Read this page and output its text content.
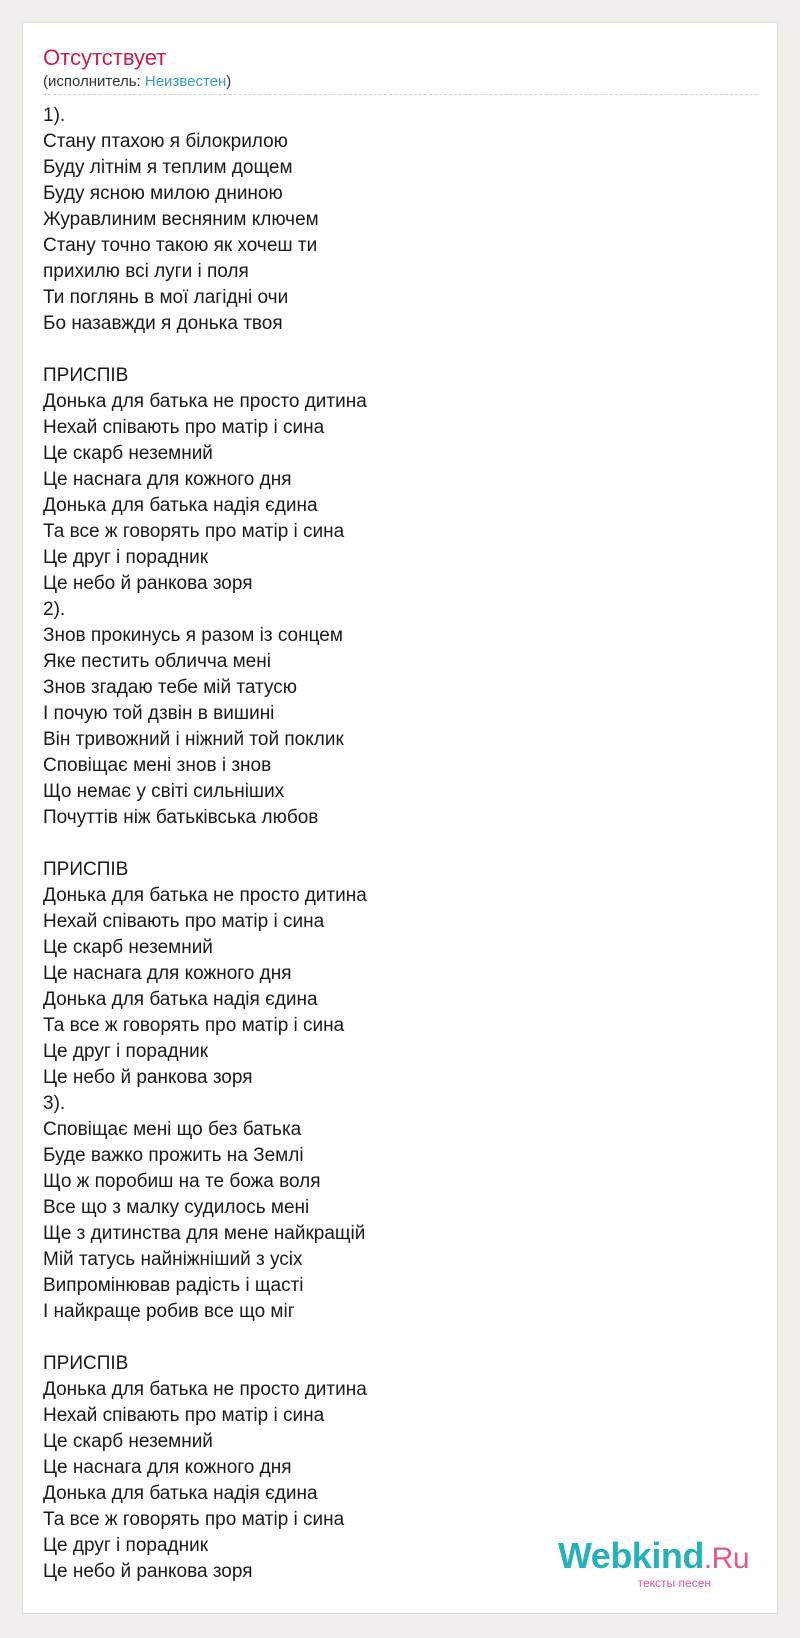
Отсутствует
(исполнитель: Неизвестен)
1).
Стану птахою я білокрилою
Буду літнім я теплим дощем
Буду ясною милою дниною
Журавлиним весняним ключем
Стану точно такою як хочеш ти
прихилю всі луги і поля
Ти поглянь в мої лагідні очи
Бо назавжди я донька твоя
ПРИСПІВ
Донька для батька не просто дитина
Нехай співають про матір і сина
Це скарб неземний
Це наснага для кожного дня
Донька для батька надія єдина
Та все ж говорять про матір і сина
Це друг і порадник
Це небо й ранкова зоря
2).
Знов прокинусь я разом із сонцем
Яке пестить обличча мені
Знов згадаю тебе мій татусю
І почую той дзвін в вишині
Він тривожний і ніжний той поклик
Сповіщає мені знов і знов
Що немає у світі сильніших
Почуттів ніж батьківська любов
ПРИСПІВ
Донька для батька не просто дитина
Нехай співають про матір і сина
Це скарб неземний
Це наснага для кожного дня
Донька для батька надія єдина
Та все ж говорять про матір і сина
Це друг і порадник
Це небо й ранкова зоря
3).
Сповіщає мені що без батька
Буде важко прожить на Землі
Що ж поробиш на те божа воля
Все що з малку судилось мені
Ще з дитинства для мене найкращій
Мій татусь найніжніший з усіх
Випромінював радість і щасті
І найкраще робив все що міг
ПРИСПІВ
Донька для батька не просто дитина
Нехай співають про матір і сина
Це скарб неземний
Це наснага для кожного дня
Донька для батька надія єдина
Та все ж говорять про матір і сина
Це друг і порадник
Це небо й ранкова зоря	Webkind.Ru
тексты песен
